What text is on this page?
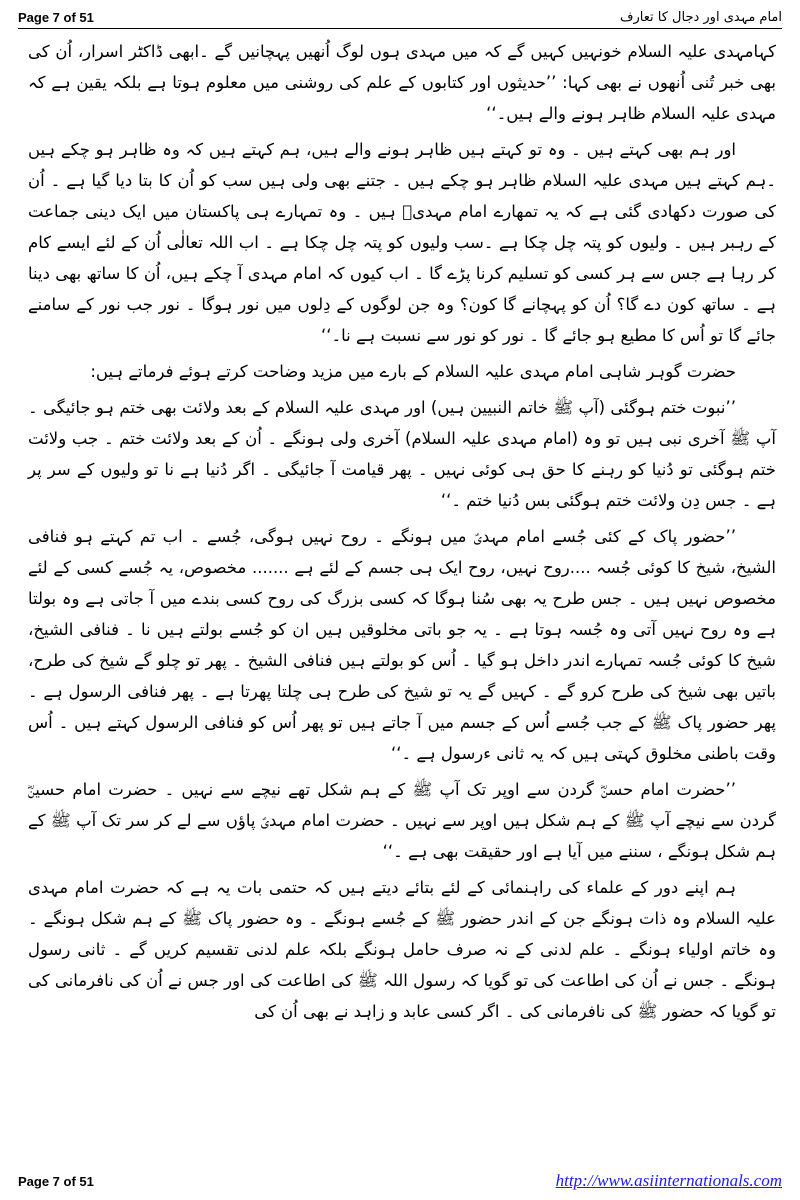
Page 7 of 51	امام مہدی اور دجال کا تعارف

کہامہدی علیہ السلام خونہیں کہیں گے کہ میں مہدی ہوں لوگ اُنھیں پہچانیں گے ۔ابھی ڈاکٹر اسرار، اُن کی بھی خبر تُنی اُنھوں نے بھی کہا: ’’حدیثوں اور کتابوں کے علم کی روشنی میں معلوم ہوتا ہے بلکہ یقین ہے کہ مہدی علیہ السلام ظاہر ہونے والے ہیں۔‘‘

اور ہم بھی کہتے ہیں ۔ وہ تو کہتے ہیں ظاہر ہونے والے ہیں، ہم کہتے ہیں کہ وہ ظاہر ہو چکے ہیں ۔ہم کہتے ہیں مہدی علیہ السلام ظاہر ہو چکے ہیں ۔ جتنے بھی ولی ہیں سب کو اُن کا بتا دیا گیا ہے ۔ اُن کی صورت دکھادی گئی ہے کہ یہ تمھارے امام مہدیؑ ہیں ۔ وہ تمہارے ہی پاکستان میں ایک دینی جماعت کے رہبر ہیں ۔ ولیوں کو پتہ چل چکا ہے ۔سب ولیوں کو پتہ چل چکا ہے ۔ اب اللہ تعالٰی اُن کے لئے ایسے کام کر رہا ہے جس سے ہر کسی کو تسلیم کرنا پڑے گا ۔ اب کیوں کہ امام مہدی آ چکے ہیں، اُن کا ساتھ بھی دینا ہے ۔ ساتھ کون دے گا؟ اُن کو پہچانے گا کون؟ وہ جن لوگوں کے دِلوں میں نور ہوگا ۔ نور جب نور کے سامنے جائے گا تو اُس کا مطیع ہو جائے گا ۔ نور کو نور سے نسبت ہے نا۔‘‘

حضرت گوہر شاہی امام مہدی علیہ السلام کے بارے میں مزید وضاحت کرتے ہوئے فرماتے ہیں:

’’نبوت ختم ہوگئی (آپ ﷺ خاتم النبیین ہیں) اور مہدی علیہ السلام کے بعد ولائت بھی ختم ہو جائیگی ۔ آپ ﷺ آخری نبی ہیں تو وہ (امام مہدی علیہ السلام) آخری ولی ہونگے ۔ اُن کے بعد ولائت ختم ۔ جب ولائت ختم ہوگئی تو دُنیا کو رہنے کا حق ہی کوئی نہیں ۔ پھر قیامت آ جائیگی ۔ اگر دُنیا ہے نا تو ولیوں کے سر پر ہے ۔ جس دِن ولائت ختم ہوگئی بس دُنیا ختم ۔‘‘

’’حضور پاک کے کئی جُسے امام مہدیؑ میں ہونگے ۔ روح نہیں ہوگی، جُسے ۔ اب تم کہتے ہو فنافی الشیخ، شیخ کا کوئی جُسہ ....روح نہیں، روح ایک ہی جسم کے لئے ہے ....... مخصوص، یہ جُسے کسی کے لئے مخصوص نہیں ہیں ۔ جس طرح یہ بھی سُنا ہوگا کہ کسی بزرگ کی روح کسی بندے میں آ جاتی ہے وہ بولتا ہے وہ روح نہیں آتی وہ جُسہ ہوتا ہے ۔ یہ جو باتی مخلوقیں ہیں ان کو جُسے بولتے ہیں نا ۔ فنافی الشیخ، شیخ کا کوئی جُسہ تمہارے اندر داخل ہو گیا ۔ اُس کو بولتے ہیں فنافی الشیخ ۔ پھر تو چلو گے شیخ کی طرح، باتیں بھی شیخ کی طرح کرو گے ۔ کہیں گے یہ تو شیخ کی طرح ہی چلتا پھرتا ہے ۔ پھر فنافی الرسول ہے ۔ پھر حضور پاک ﷺ کے جب جُسے اُس کے جسم میں آ جاتے ہیں تو پھر اُس کو فنافی الرسول کہتے ہیں ۔ اُس وقت باطنی مخلوق کہتی ہیں کہ یہ ثانی ءرسول ہے ۔‘‘

’’حضرت امام حسنؓ گردن سے اوپر تک آپ ﷺ کے ہم شکل تھے نیچے سے نہیں ۔ حضرت امام حسینؓ گردن سے نیچے آپ ﷺ کے ہم شکل ہیں اوپر سے نہیں ۔ حضرت امام مہدیؑ پاؤں سے لے کر سر تک آپ ﷺ کے ہم شکل ہونگے ، سننے میں آیا ہے اور حقیقت بھی ہے ۔‘‘

ہم اپنے دور کے علماء کی راہنمائی کے لئے بتائے دیتے ہیں کہ حتمی بات یہ ہے کہ حضرت امام مہدی علیہ السلام وہ ذات ہونگے جن کے اندر حضور ﷺ کے جُسے ہونگے ۔ وہ حضور پاک ﷺ کے ہم شکل ہونگے ۔ وہ خاتم اولیاء ہونگے ۔ علم لدنی کے نہ صرف حامل ہونگے بلکہ علم لدنی تقسیم کریں گے ۔ ثانی رسول ہونگے ۔ جس نے اُن کی اطاعت کی تو گویا کہ رسول اللہ ﷺ کی اطاعت کی اور جس نے اُن کی نافرمانی کی تو گویا کہ حضور ﷺ کی نافرمانی کی ۔ اگر کسی عابد و زاہد نے بھی اُن کی

Page 7 of 51	http://www.asiinternationals.com
